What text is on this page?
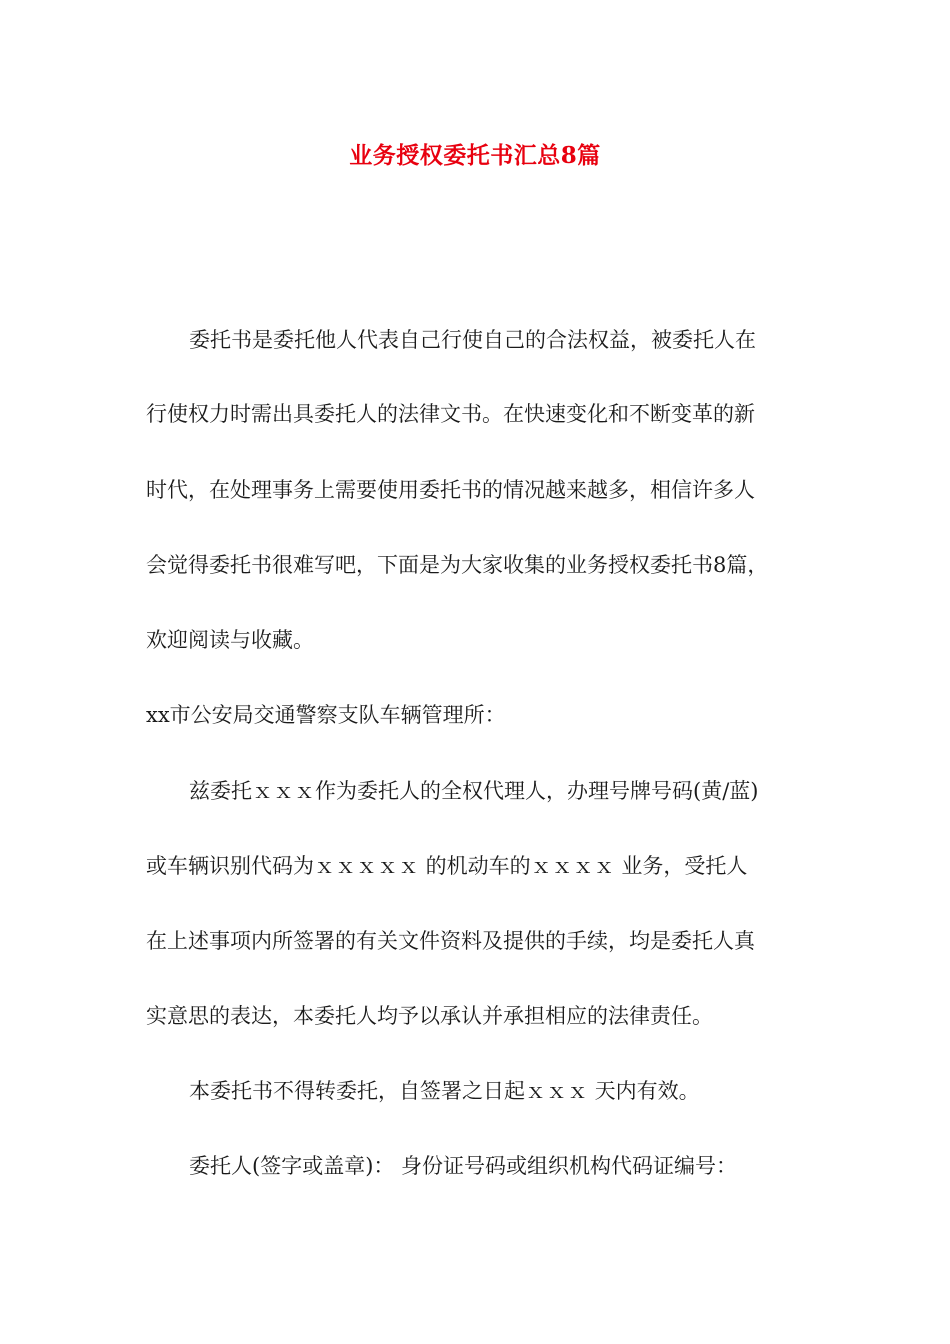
业务授权委托书汇总8篇
委托书是委托他人代表自己行使自己的合法权益，被委托人在
行使权力时需出具委托人的法律文书。在快速变化和不断变革的新
时代，在处理事务上需要使用委托书的情况越来越多，相信许多人
会觉得委托书很难写吧，下面是为大家收集的业务授权委托书8篇，
欢迎阅读与收藏。
xx市公安局交通警察支队车辆管理所：
兹委托ｘｘｘ作为委托人的全权代理人，办理号牌号码(黄/蓝)
或车辆识别代码为ｘｘｘｘｘ 的机动车的ｘｘｘｘ 业务，受托人
在上述事项内所签署的有关文件资料及提供的手续，均是委托人真
实意思的表达，本委托人均予以承认并承担相应的法律责任。
本委托书不得转委托，自签署之日起ｘｘｘ 天内有效。
委托人(签字或盖章)： 身份证号码或组织机构代码证编号：
